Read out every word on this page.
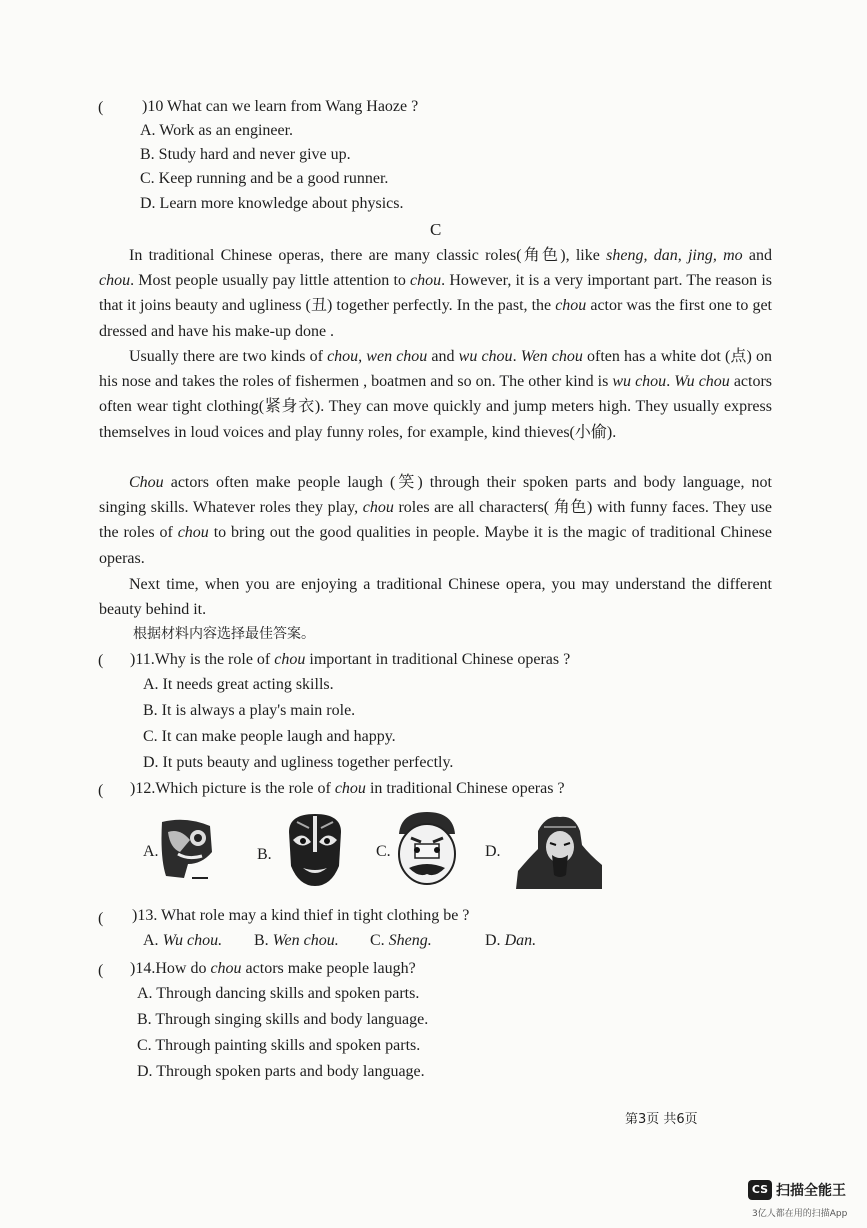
( )10 What can we learn from Wang Haoze ?
A. Work as an engineer.
B. Study hard and never give up.
C. Keep running and be a good runner.
D. Learn more knowledge about physics.
C
In traditional Chinese operas, there are many classic roles(角色), like sheng, dan, jing, mo and chou. Most people usually pay little attention to chou. However, it is a very important part. The reason is that it joins beauty and ugliness (丑) together perfectly. In the past, the chou actor was the first one to get dressed and have his make-up done .
Usually there are two kinds of chou, wen chou and wu chou. Wen chou often has a white dot (点) on his nose and takes the roles of fishermen , boatmen and so on. The other kind is wu chou. Wu chou actors often wear tight clothing(紧身衣). They can move quickly and jump meters high. They usually express themselves in loud voices and play funny roles, for example, kind thieves(小偷).
Chou actors often make people laugh (笑) through their spoken parts and body language, not singing skills. Whatever roles they play, chou roles are all characters( 角色) with funny faces. They use the roles of chou to bring out the good qualities in people. Maybe it is the magic of traditional Chinese operas.
Next time, when you are enjoying a traditional Chinese opera, you may understand the different beauty behind it.
根据材料内容选择最佳答案。
( )11.Why is the role of chou important in traditional Chinese operas ?
A. It needs great acting skills.
B. It is always a play's main role.
C. It can make people laugh and happy.
D. It puts beauty and ugliness together perfectly.
( )12.Which picture is the role of chou in traditional Chinese operas ?
A.	B.	C.	D.
( )13. What role may a kind thief in tight clothing be ?
A. Wu chou. B. Wen chou. C. Sheng.	D. Dan.
( )14.How do chou actors make people laugh?
A. Through dancing skills and spoken parts.
B. Through singing skills and body language.
C. Through painting skills and spoken parts.
D. Through spoken parts and body language.
第3页 共6页
CS 扫描全能王
3亿人都在用的扫描App
